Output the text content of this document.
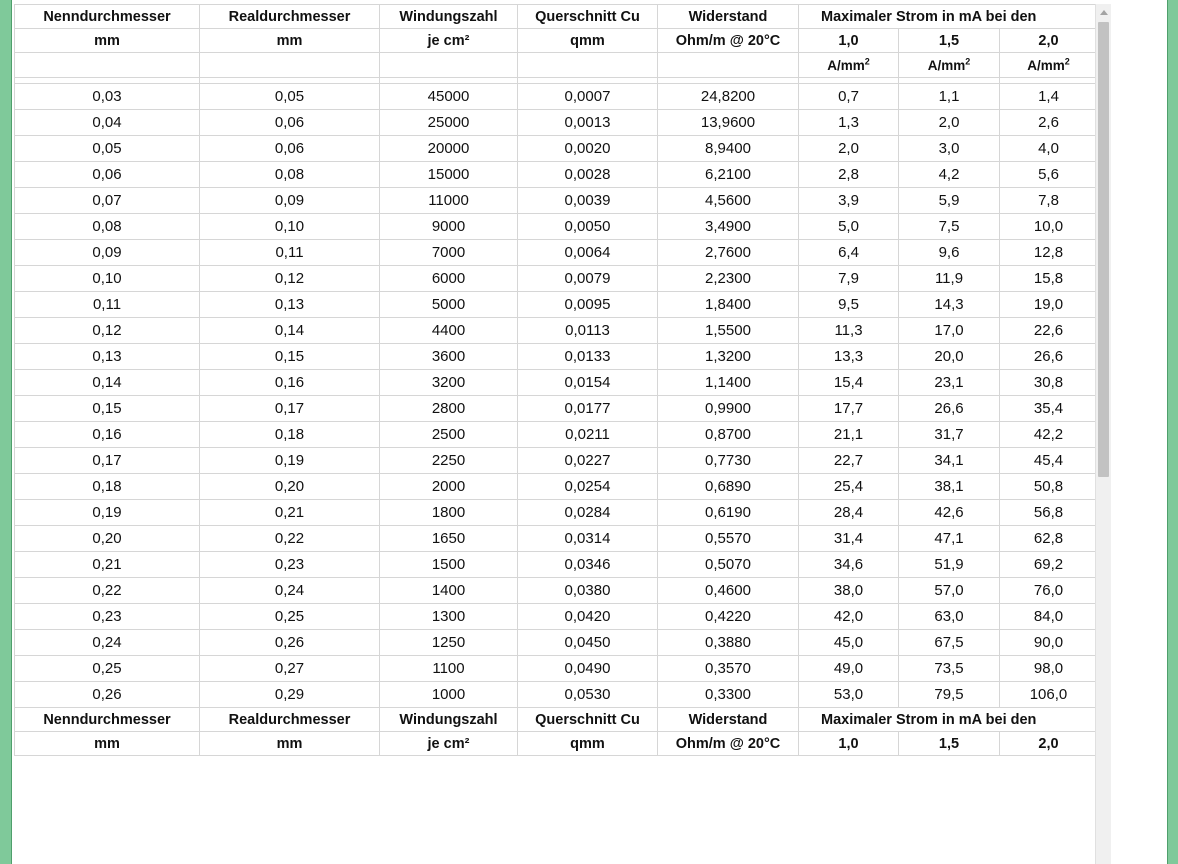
Nenndurchmesser	Realdurchmesser	Windungszahl	Querschnitt Cu	Widerstand	Maximaler Strom in mA bei den			
mm	mm	je cm²	qmm	Ohm/m @ 20°C	1,0	1,5	2,0	
					$A/mm^2$	$A/mm^2$	$A/mm^2$	

0,03	0,05	45000	0,0007	24,8200	0,7	1,1	1,4	
0,04	0,06	25000	0,0013	13,9600	1,3	2,0	2,6	
0,05	0,06	20000	0,0020	8,9400	2,0	3,0	4,0	
0,06	0,08	15000	0,0028	6,2100	2,8	4,2	5,6	
0,07	0,09	11000	0,0039	4,5600	3,9	5,9	7,8	
0,08	0,10	9000	0,0050	3,4900	5,0	7,5	10,0	
0,09	0,11	7000	0,0064	2,7600	6,4	9,6	12,8	
0,10	0,12	6000	0,0079	2,2300	7,9	11,9	15,8	
0,11	0,13	5000	0,0095	1,8400	9,5	14,3	19,0	
0,12	0,14	4400	0,0113	1,5500	11,3	17,0	22,6	
0,13	0,15	3600	0,0133	1,3200	13,3	20,0	26,6	
0,14	0,16	3200	0,0154	1,1400	15,4	23,1	30,8	
0,15	0,17	2800	0,0177	0,9900	17,7	26,6	35,4	
0,16	0,18	2500	0,0211	0,8700	21,1	31,7	42,2	
0,17	0,19	2250	0,0227	0,7730	22,7	34,1	45,4	
0,18	0,20	2000	0,0254	0,6890	25,4	38,1	50,8	
0,19	0,21	1800	0,0284	0,6190	28,4	42,6	56,8	
0,20	0,22	1650	0,0314	0,5570	31,4	47,1	62,8	
0,21	0,23	1500	0,0346	0,5070	34,6	51,9	69,2	
0,22	0,24	1400	0,0380	0,4600	38,0	57,0	76,0	
0,23	0,25	1300	0,0420	0,4220	42,0	63,0	84,0	
0,24	0,26	1250	0,0450	0,3880	45,0	67,5	90,0	
0,25	0,27	1100	0,0490	0,3570	49,0	73,5	98,0	
0,26	0,29	1000	0,0530	0,3300	53,0	79,5	106,0	
Nenndurchmesser	Realdurchmesser	Windungszahl	Querschnitt Cu	Widerstand	Maximaler Strom in mA bei den			
mm	mm	je cm²	qmm	Ohm/m @ 20°C	1,0	1,5	2,0	
